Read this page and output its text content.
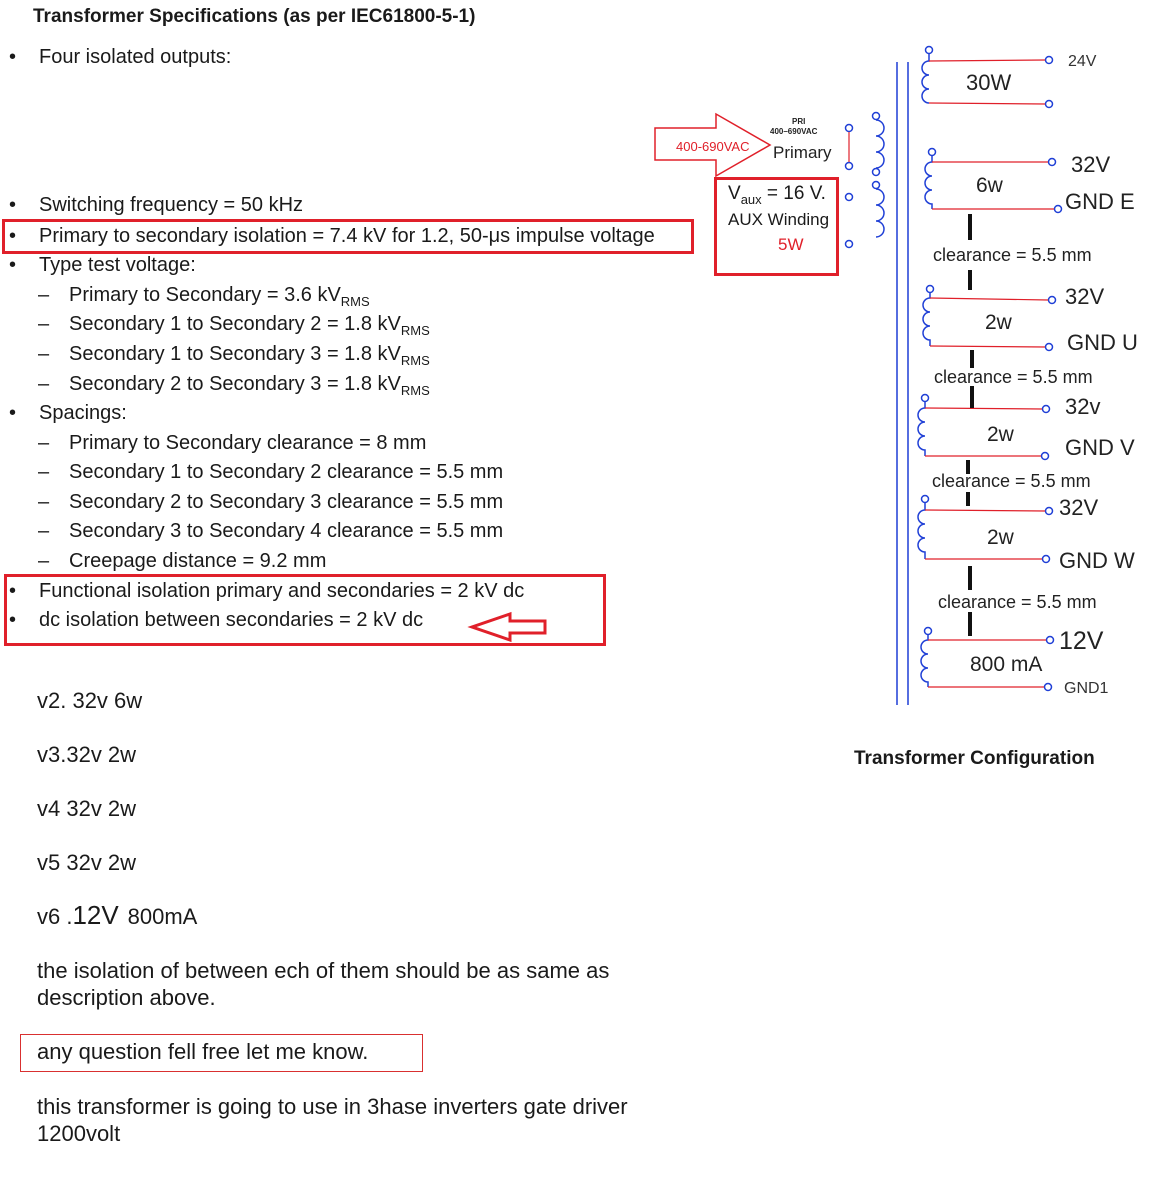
Transformer Specifications (as per IEC61800-5-1)
• Four isolated outputs:
• Switching frequency = 50 kHz
• Primary to secondary isolation = 7.4 kV for 1.2, 50-μs impulse voltage
• Type test voltage:
– Primary to Secondary = 3.6 $kV_{RMS}$
– Secondary 1 to Secondary 2 = 1.8 $kV_{RMS}$
– Secondary 1 to Secondary 3 = 1.8 $kV_{RMS}$
– Secondary 2 to Secondary 3 = 1.8 $kV_{RMS}$
• Spacings:
– Primary to Secondary clearance = 8 mm
– Secondary 1 to Secondary 2 clearance = 5.5 mm
– Secondary 2 to Secondary 3 clearance = 5.5 mm
– Secondary 3 to Secondary 4 clearance = 5.5 mm
– Creepage distance = 9.2 mm
• Functional isolation primary and secondaries = 2 kV dc
• dc isolation between secondaries = 2 kV dc
v2. 32v 6w
v3.32v 2w
v4 32v 2w
v5 32v 2w
v6 .12V 800mA
the isolation of between ech of them should be as same as
description above.
any question fell free let me know.
this transformer is going to use in 3hase inverters gate driver
1200volt
400-690VAC
PRI
400–690VAC
Primary
30W
24V
6w
32V
GND E
clearance = 5.5 mm
2w
32V
GND U
clearance = 5.5 mm
2w
32v
GND V
clearance = 5.5 mm
2w
32V
GND W
clearance = 5.5 mm
800 mA
12V
GND1
Transformer Configuration
$V_{aux} = 16$ V.
AUX Winding
5W
